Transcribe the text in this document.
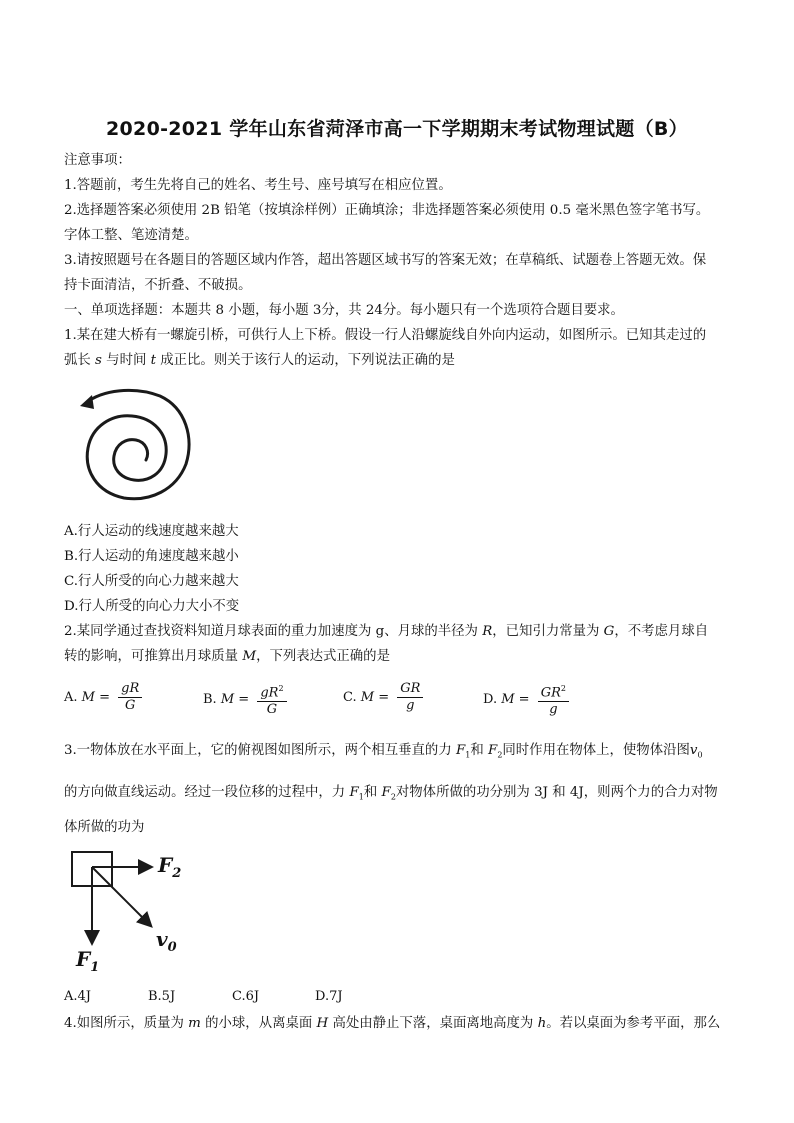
2020-2021 学年山东省菏泽市高一下学期期末考试物理试题（B）
注意事项：
1.答题前，考生先将自己的姓名、考生号、座号填写在相应位置。
2.选择题答案必须使用 2B 铅笔（按填涂样例）正确填涂；非选择题答案必须使用 0.5 毫米黑色签字笔书写。
字体工整、笔迹清楚。
3.请按照题号在各题目的答题区域内作答，超出答题区域书写的答案无效；在草稿纸、试题卷上答题无效。保
持卡面清洁，不折叠、不破损。
一、单项选择题：本题共 8 小题，每小题 3分，共 24分。每小题只有一个选项符合题目要求。
1.某在建大桥有一螺旋引桥，可供行人上下桥。假设一行人沿螺旋线自外向内运动，如图所示。已知其走过的
弧长 s 与时间 t 成正比。则关于该行人的运动，下列说法正确的是
A.行人运动的线速度越来越大
B.行人运动的角速度越来越小
C.行人所受的向心力越来越大
D.行人所受的向心力大小不变
2.某同学通过查找资料知道月球表面的重力加速度为 g、月球的半径为 R，已知引力常量为 G，不考虑月球自
转的影响，可推算出月球质量 M，下列表达式正确的是
A. $M = \frac{gR}{G}$	B. $M = \frac{gR^2}{G}$	C. $M = \frac{GR}{g}$	D. $M = \frac{GR^2}{g}$
3.一物体放在水平面上，它的俯视图如图所示，两个相互垂直的力 $F_1$和 $F_2$同时作用在物体上，使物体沿图$v_0$
的方向做直线运动。经过一段位移的过程中，力 $F_1$和 $F_2$对物体所做的功分别为 3J 和 4J，则两个力的合力对物
体所做的功为
$F_2$
$v_0$
$F_1$
A.4J	B.5J	C.6J	D.7J
4.如图所示，质量为 m 的小球，从离桌面 H 高处由静止下落，桌面离地高度为 h。若以桌面为参考平面，那么
